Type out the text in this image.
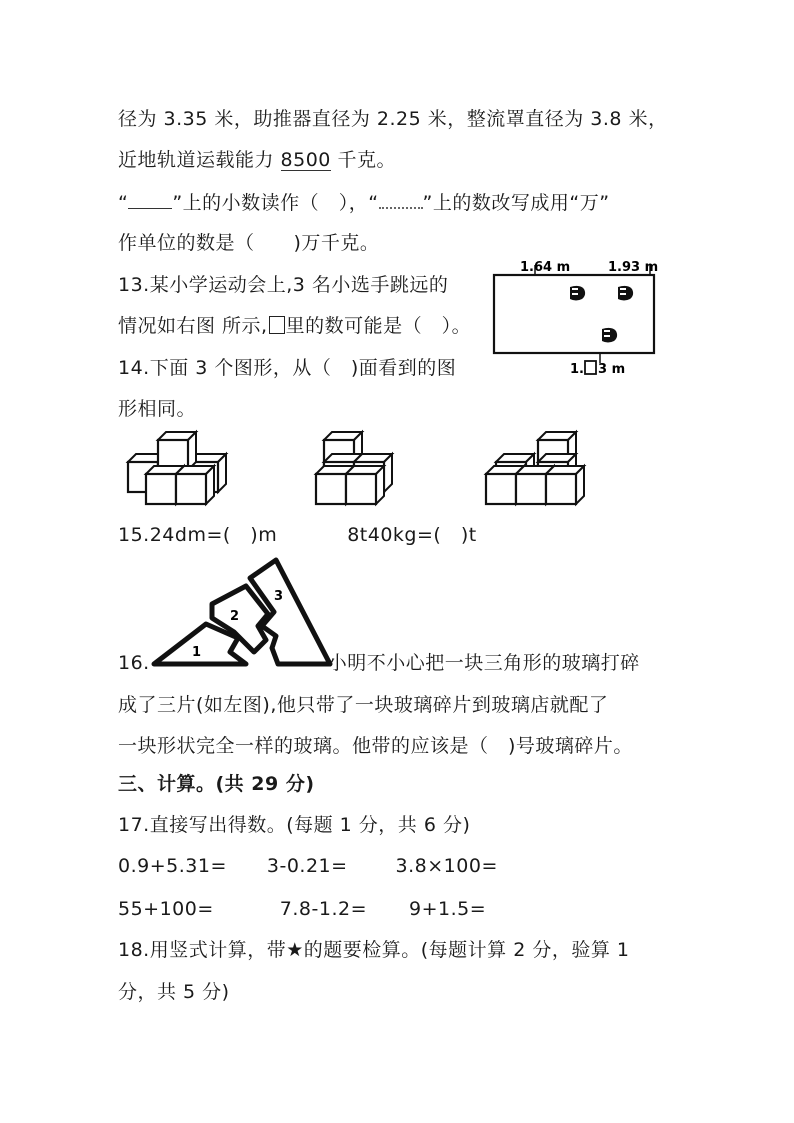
径为 3.35 米，助推器直径为 2.25 米，整流罩直径为 3.8 米，
近地轨道运载能力 8500 千克。
“ ”上的小数读作（　），“ ”上的数改写成用“万”
作单位的数是（　　)万千克。
13.某小学运动会上,3 名小选手跳远的
情况如右图 所示, 里的数可能是（　）。
1.64 m	1.93 m
1. 3 m
14.下面 3 个图形，从（　)面看到的图
形相同。
15.24dm=(　)m	8t40kg=(　)t
1
2
3
16.	小明不小心把一块三角形的玻璃打碎
成了三片(如左图),他只带了一块玻璃碎片到玻璃店就配了
一块形状完全一样的玻璃。他带的应该是（　)号玻璃碎片。
三、计算。(共 29 分)
17.直接写出得数。(每题 1 分，共 6 分)
0.9+5.31= 3-0.21=	3.8×100=
55+100=	7.8-1.2= 9+1.5=
18.用竖式计算，带★的题要检算。(每题计算 2 分，验算 1
分，共 5 分)
